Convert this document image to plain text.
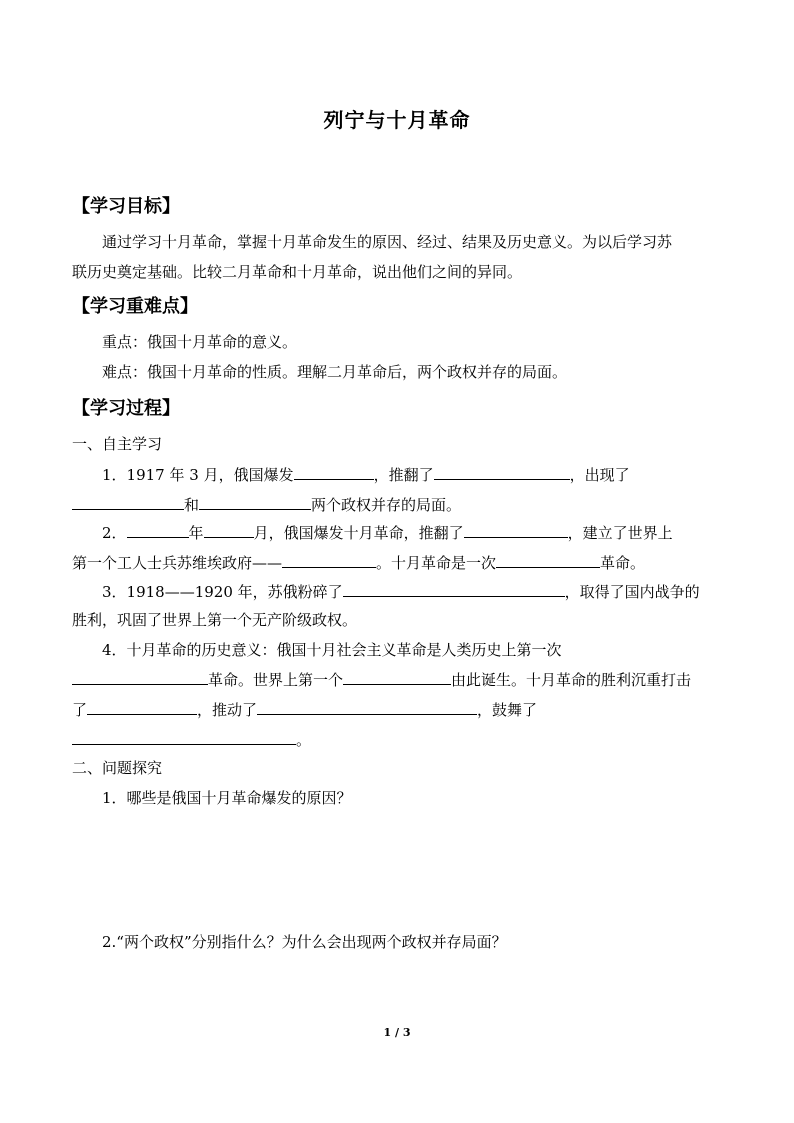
列宁与十月革命
【学习目标】
通过学习十月革命，掌握十月革命发生的原因、经过、结果及历史意义。为以后学习苏
联历史奠定基础。比较二月革命和十月革命，说出他们之间的异同。
【学习重难点】
重点：俄国十月革命的意义。
难点：俄国十月革命的性质。理解二月革命后，两个政权并存的局面。
【学习过程】
一、自主学习
1．1917 年 3 月，俄国爆发	，推翻了	，出现了
和	两个政权并存的局面。
2．	年	月，俄国爆发十月革命，推翻了	，建立了世界上
第一个工人士兵苏维埃政府——	。十月革命是一次	革命。
3．1918——1920 年，苏俄粉碎了	，取得了国内战争的
胜利，巩固了世界上第一个无产阶级政权。
4．十月革命的历史意义：俄国十月社会主义革命是人类历史上第一次
革命。世界上第一个	由此诞生。十月革命的胜利沉重打击
了	，推动了	，鼓舞了
。
二、问题探究
1．哪些是俄国十月革命爆发的原因？
2.“两个政权”分别指什么？为什么会出现两个政权并存局面？
1 / 3
